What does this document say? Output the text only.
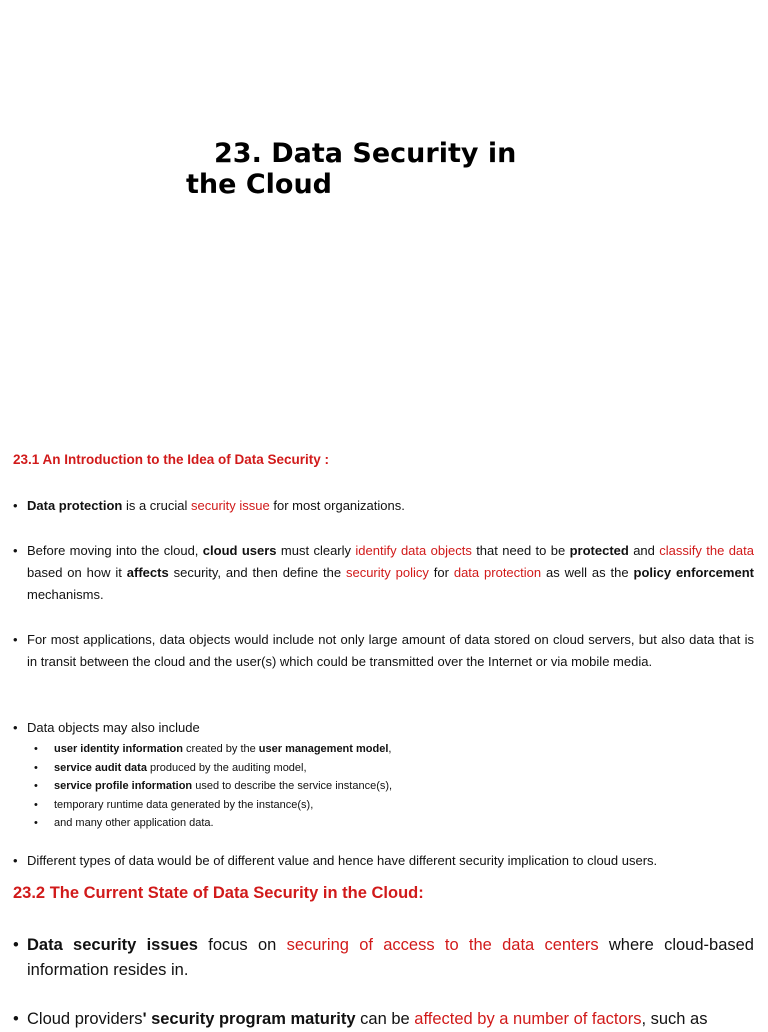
23. Data Security in
the Cloud

23.1 An Introduction to the Idea of Data Security :

• Data protection is a crucial security issue for most organizations.

• Before moving into the cloud, cloud users must clearly identify data objects that need to be protected and classify the data based on how it affects security, and then define the security policy for data protection as well as the policy enforcement mechanisms.

• For most applications, data objects would include not only large amount of data stored on cloud servers, but also data that is in transit between the cloud and the user(s) which could be transmitted over the Internet or via mobile media.

• Data objects may also include

• user identity information created by the user management model,
• service audit data produced by the auditing model,
• service profile information used to describe the service instance(s),
• temporary runtime data generated by the instance(s),
• and many other application data.

• Different types of data would be of different value and hence have different security implication to cloud users.

23.2 The Current State of Data Security in the Cloud:

• Data security issues focus on securing of access to the data centers where cloud-based information resides in.

• Cloud providers' security program maturity can be affected by a number of factors, such as
